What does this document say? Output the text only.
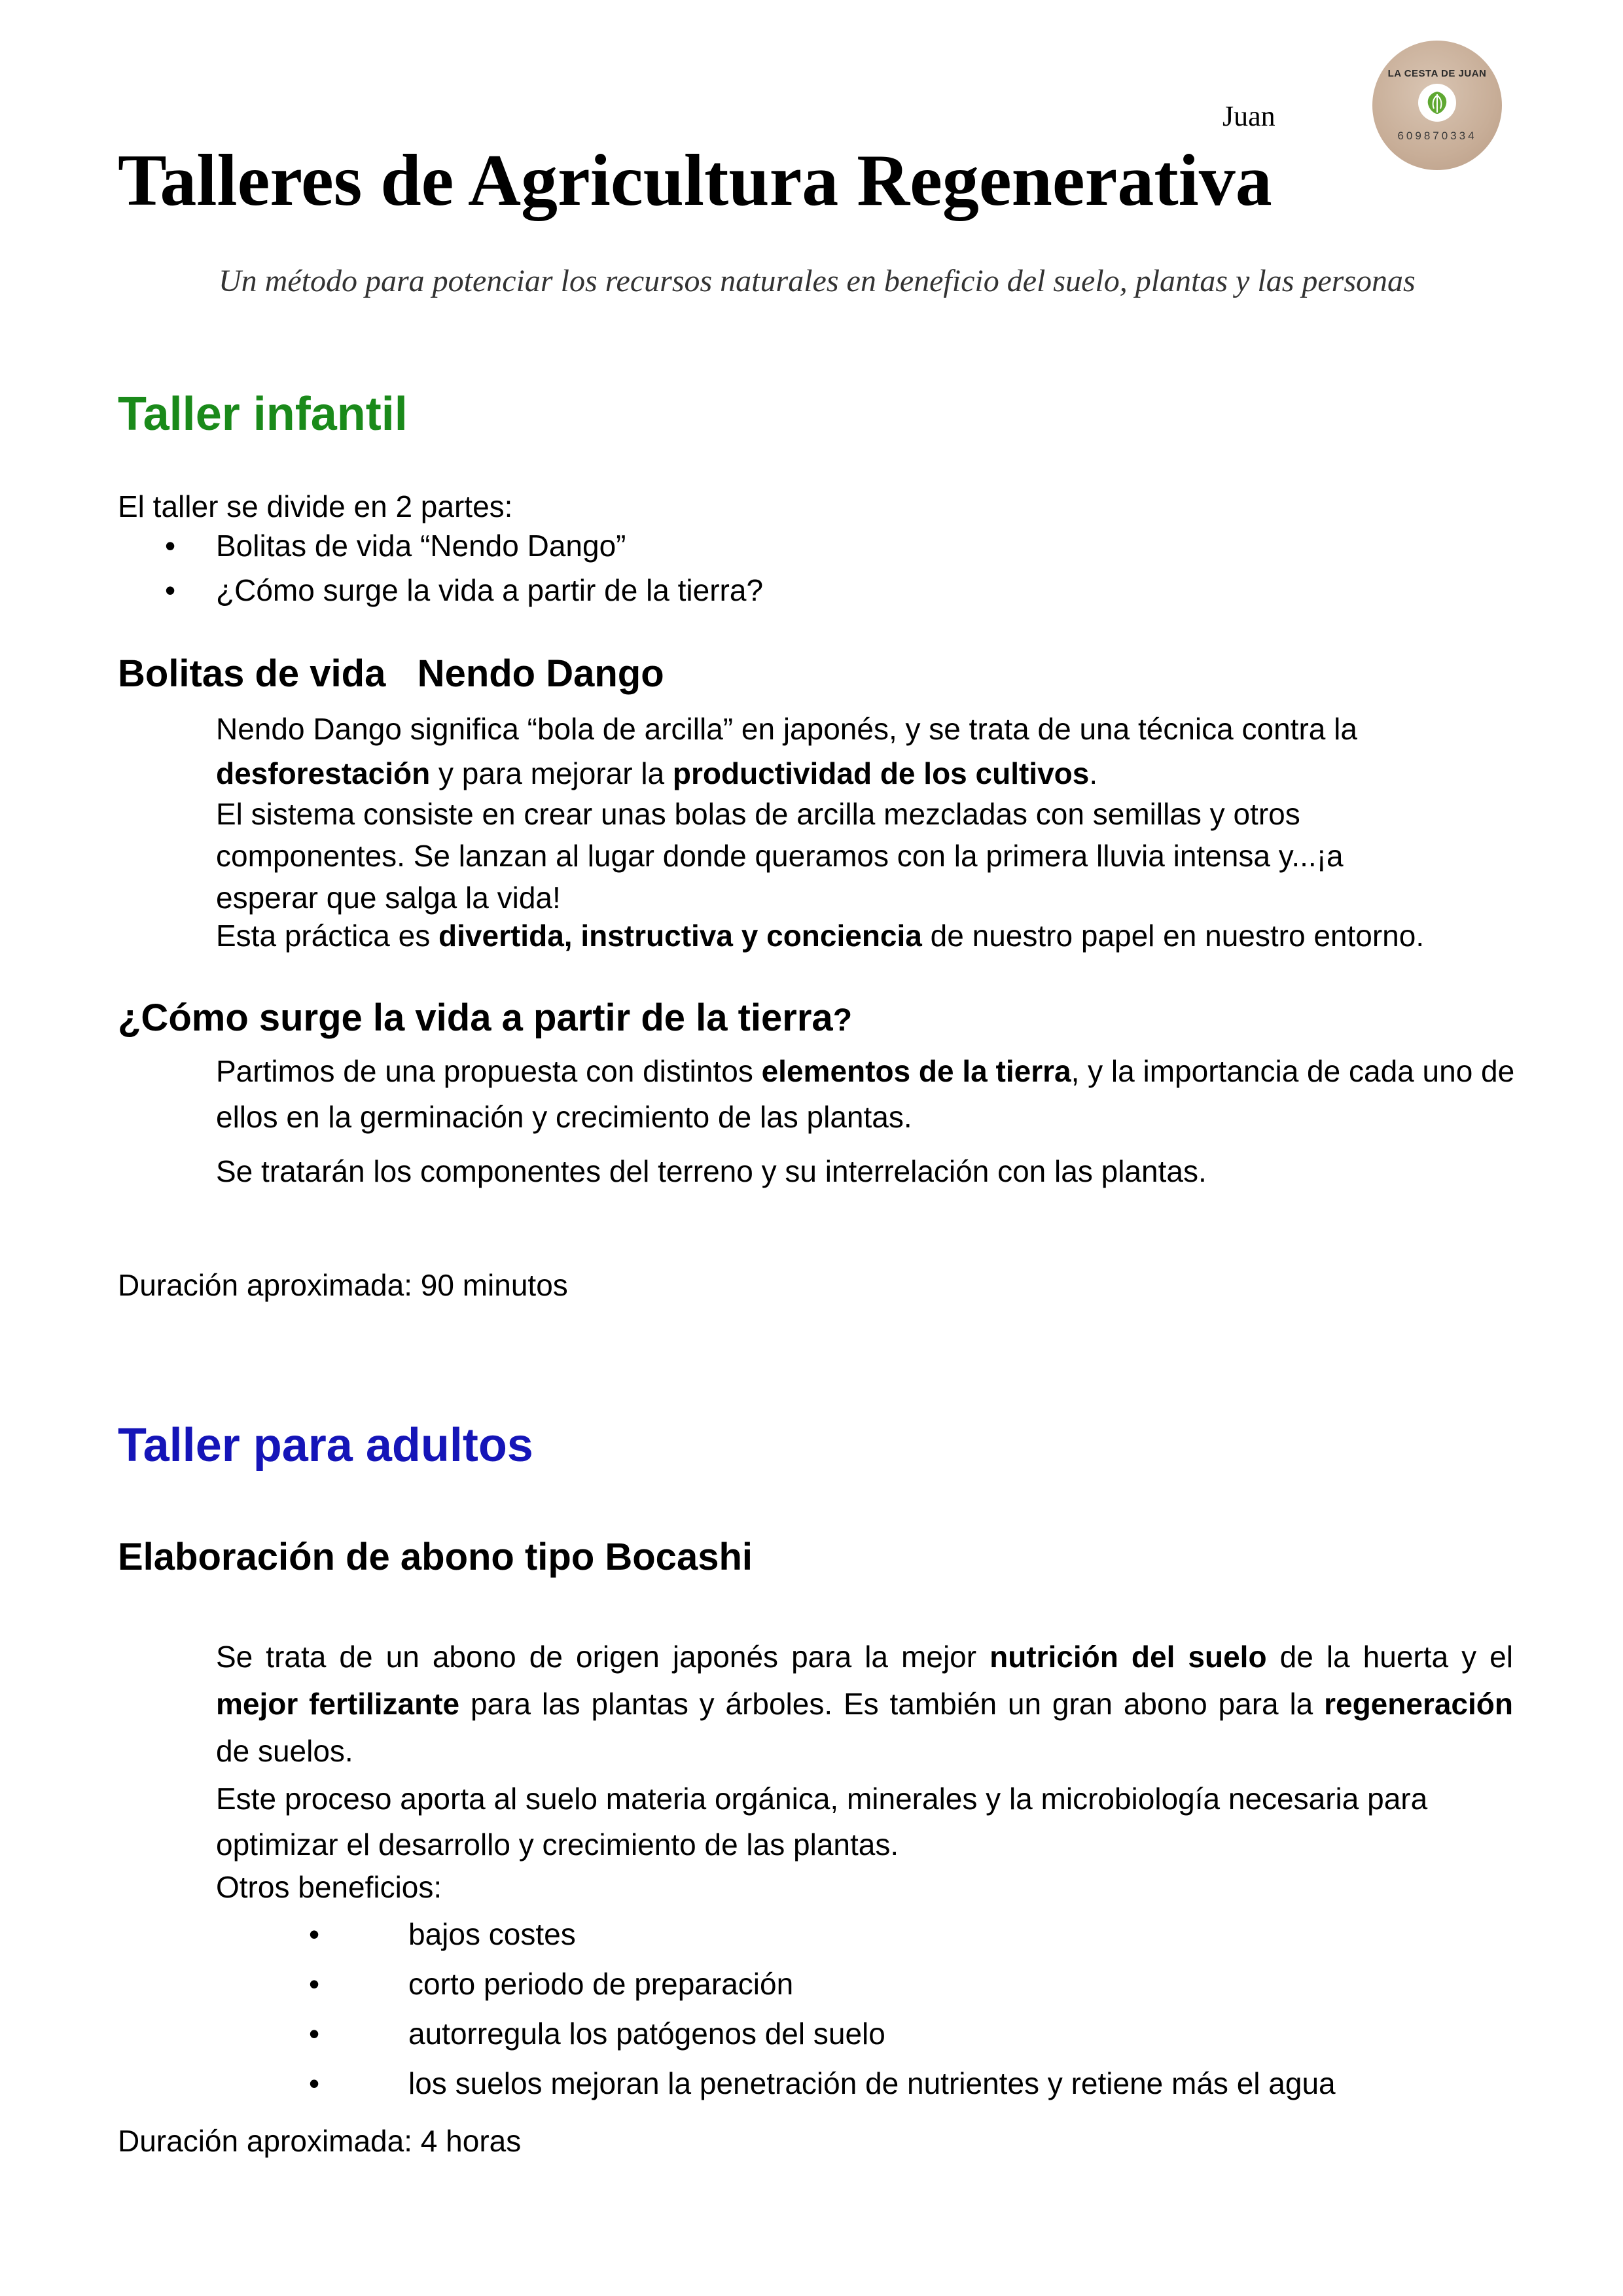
Juan
LA CESTA DE JUAN
609870334
Talleres de Agricultura Regenerativa
Un método para potenciar los recursos naturales en beneficio del suelo, plantas y las personas
Taller infantil
El taller se divide en 2 partes:
• Bolitas de vida “Nendo Dango”
• ¿Cómo surge la vida a partir de la tierra?
Bolitas de vida   Nendo Dango
Nendo Dango significa “bola de arcilla” en japonés, y se trata de una técnica contra la
desforestación y para mejorar la productividad de los cultivos.
El sistema consiste en crear unas bolas de arcilla mezcladas con semillas y otros componentes. Se lanzan al lugar donde queramos con la primera lluvia intensa y...¡a esperar que salga la vida!
Esta práctica es divertida, instructiva y conciencia de nuestro papel en nuestro entorno.
¿Cómo surge la vida a partir de la tierra?
Partimos de una propuesta con distintos elementos de la tierra, y la importancia de cada uno de ellos en la germinación y crecimiento de las plantas.
Se tratarán los componentes del terreno y su interrelación con las plantas.
Duración aproximada: 90 minutos
Taller para adultos
Elaboración de abono tipo Bocashi
Se trata de un abono de origen japonés para la mejor nutrición del suelo de la huerta y el mejor fertilizante para las plantas y árboles. Es también un gran abono para la regeneración de suelos.
Este proceso aporta al suelo materia orgánica, minerales y la microbiología necesaria para optimizar el desarrollo y crecimiento de las plantas.
Otros beneficios:
•	bajos costes
•	corto periodo de preparación
•	autorregula los patógenos del suelo
•	los suelos mejoran la penetración de nutrientes y retiene más el agua
Duración aproximada: 4 horas
